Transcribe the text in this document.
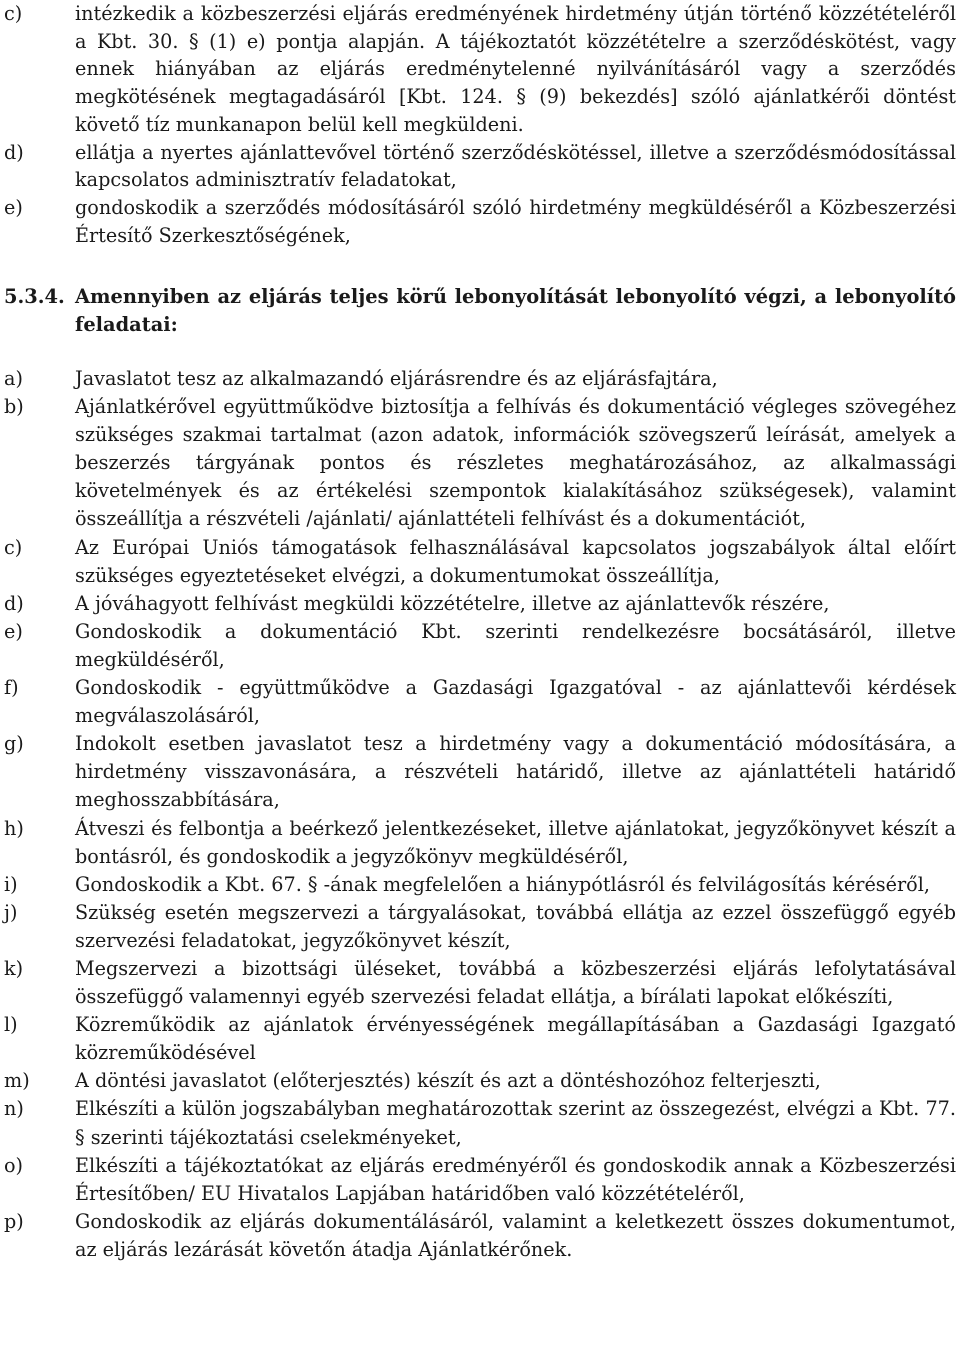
c)	intézkedik a közbeszerzési eljárás eredményének hirdetmény útján történő közzétételéről a Kbt. 30. § (1) e) pontja alapján. A tájékoztatót közzétételre a szerződéskötést, vagy ennek hiányában az eljárás eredménytelenné nyilvánításáról vagy a szerződés megkötésének megtagadásáról [Kbt. 124. § (9) bekezdés] szóló ajánlatkérői döntést követő tíz munkanapon belül kell megküldeni.
d)	ellátja a nyertes ajánlattevővel történő szerződéskötéssel, illetve a szerződésmódosítással kapcsolatos adminisztratív feladatokat,
e)	gondoskodik a szerződés módosításáról szóló hirdetmény megküldéséről a Közbeszerzési Értesítő Szerkesztőségének,
5.3.4. Amennyiben az eljárás teljes körű lebonyolítását lebonyolító végzi, a lebonyolító feladatai:
a)	Javaslatot tesz az alkalmazandó eljárásrendre és az eljárásfajtára,
b)	Ajánlatkérővel együttműködve biztosítja a felhívás és dokumentáció végleges szövegéhez szükséges szakmai tartalmat (azon adatok, információk szövegszerű leírását, amelyek a beszerzés tárgyának pontos és részletes meghatározásához, az alkalmassági követelmények és az értékelési szempontok kialakításához szükségesek), valamint összeállítja a részvételi /ajánlati/ ajánlattételi felhívást és a dokumentációt,
c)	Az Európai Uniós támogatások felhasználásával kapcsolatos jogszabályok által előírt szükséges egyeztetéseket elvégzi, a dokumentumokat összeállítja,
d)	A jóváhagyott felhívást megküldi közzétételre, illetve az ajánlattevők részére,
e)	Gondoskodik a dokumentáció Kbt. szerinti rendelkezésre bocsátásáról, illetve megküldéséről,
f)	Gondoskodik - együttműködve a Gazdasági Igazgatóval - az ajánlattevői kérdések megválaszolásáról,
g)	Indokolt esetben javaslatot tesz a hirdetmény vagy a dokumentáció módosítására, a hirdetmény visszavonására, a részvételi határidő, illetve az ajánlattételi határidő meghosszabbítására,
h)	Átveszi és felbontja a beérkező jelentkezéseket, illetve ajánlatokat, jegyzőkönyvet készít a bontásról, és gondoskodik a jegyzőkönyv megküldéséről,
i)	Gondoskodik a Kbt. 67. § -ának megfelelően a hiánypótlásról és felvilágosítás kéréséről,
j)	Szükség esetén megszervezi a tárgyalásokat, továbbá ellátja az ezzel összefüggő egyéb szervezési feladatokat, jegyzőkönyvet készít,
k)	Megszervezi a bizottsági üléseket, továbbá a közbeszerzési eljárás lefolytatásával összefüggő valamennyi egyéb szervezési feladat ellátja, a bírálati lapokat előkészíti,
l)	Közreműködik az ajánlatok érvényességének megállapításában a Gazdasági Igazgató közreműködésével
m)	A döntési javaslatot (előterjesztés) készít és azt a döntéshozóhoz felterjeszti,
n)	Elkészíti a külön jogszabályban meghatározottak szerint az összegezést, elvégzi a Kbt. 77. § szerinti tájékoztatási cselekményeket,
o)	Elkészíti a tájékoztatókat az eljárás eredményéről és gondoskodik annak a Közbeszerzési Értesítőben/ EU Hivatalos Lapjában határidőben való közzétételéről,
p)	Gondoskodik az eljárás dokumentálásáról, valamint a keletkezett összes dokumentumot, az eljárás lezárását követőn átadja Ajánlatkérőnek.
